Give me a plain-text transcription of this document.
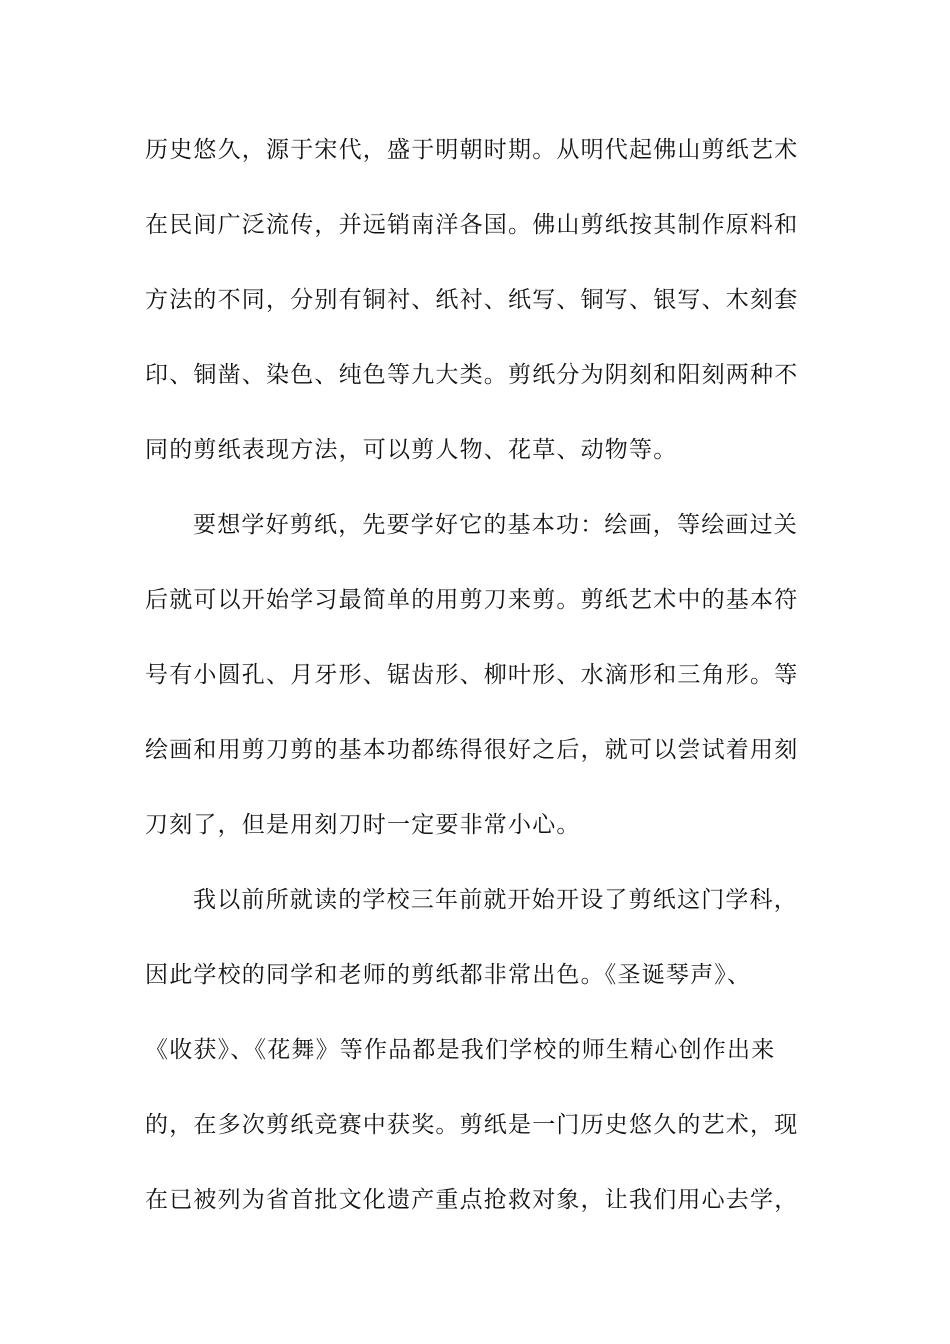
历史悠久，源于宋代，盛于明朝时期。从明代起佛山剪纸艺术
在民间广泛流传，并远销南洋各国。佛山剪纸按其制作原料和
方法的不同，分别有铜衬、纸衬、纸写、铜写、银写、木刻套
印、铜凿、染色、纯色等九大类。剪纸分为阴刻和阳刻两种不
同的剪纸表现方法，可以剪人物、花草、动物等。
要想学好剪纸，先要学好它的基本功：绘画，等绘画过关
后就可以开始学习最简单的用剪刀来剪。剪纸艺术中的基本符
号有小圆孔、月牙形、锯齿形、柳叶形、水滴形和三角形。等
绘画和用剪刀剪的基本功都练得很好之后，就可以尝试着用刻
刀刻了，但是用刻刀时一定要非常小心。
我以前所就读的学校三年前就开始开设了剪纸这门学科，
因此学校的同学和老师的剪纸都非常出色。《圣诞琴声》、
《收获》、《花舞》等作品都是我们学校的师生精心创作出来
的，在多次剪纸竞赛中获奖。剪纸是一门历史悠久的艺术，现
在已被列为省首批文化遗产重点抢救对象，让我们用心去学，
